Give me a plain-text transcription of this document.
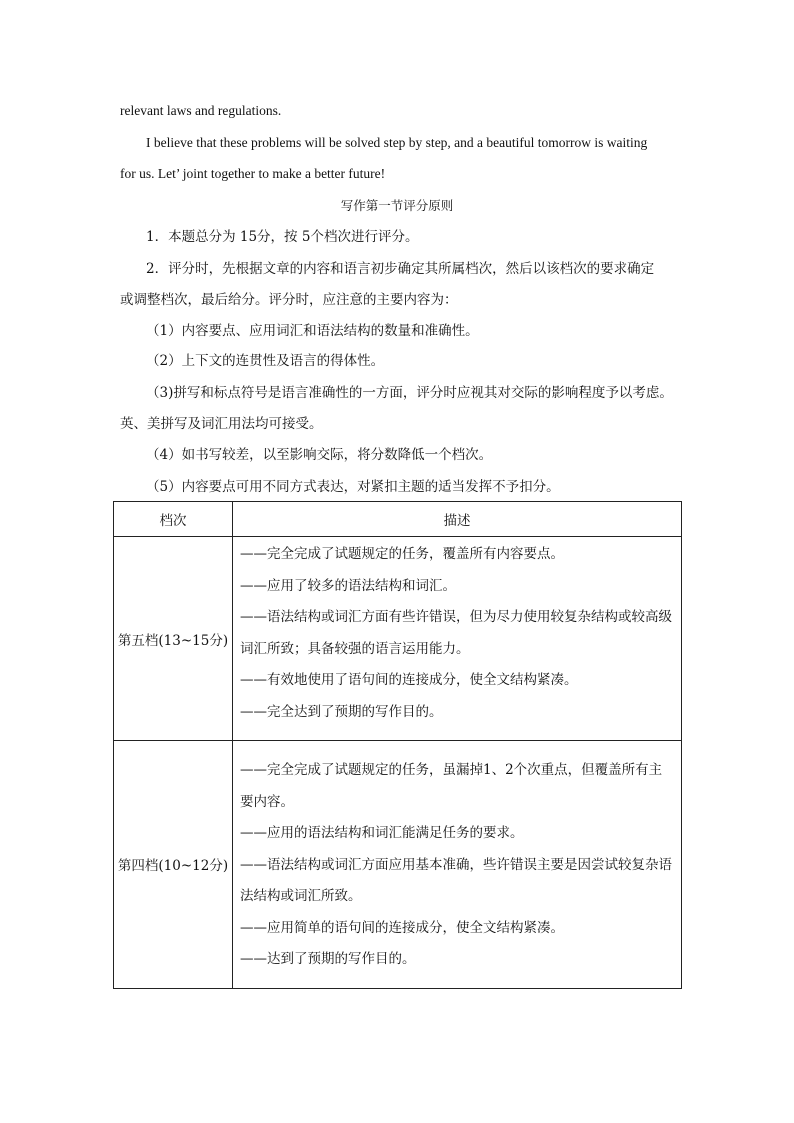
relevant laws and regulations.
I believe that these problems will be solved step by step, and a beautiful tomorrow is waiting
for us. Let’ joint together to make a better future!
写作第一节评分原则
1．本题总分为 15分，按 5个档次进行评分。
2．评分时，先根据文章的内容和语言初步确定其所属档次，然后以该档次的要求确定
或调整档次，最后给分。评分时，应注意的主要内容为：
（1）内容要点、应用词汇和语法结构的数量和准确性。
（2）上下文的连贯性及语言的得体性。
（3)拼写和标点符号是语言准确性的一方面，评分时应视其对交际的影响程度予以考虑。
英、美拼写及词汇用法均可接受。
（4）如书写较差，以至影响交际，将分数降低一个档次。
（5）内容要点可用不同方式表达，对紧扣主题的适当发挥不予扣分。
档次	描述
第五档(13~15分)	——完全完成了试题规定的任务，覆盖所有内容要点。
——应用了较多的语法结构和词汇。
——语法结构或词汇方面有些许错误，但为尽力使用较复杂结构或较高级词汇所致；具备较强的语言运用能力。
——有效地使用了语句间的连接成分，使全文结构紧凑。
——完全达到了预期的写作目的。

第四档(10~12分)	——完全完成了试题规定的任务，虽漏掉1、2个次重点，但覆盖所有主要内容。
——应用的语法结构和词汇能满足任务的要求。
——语法结构或词汇方面应用基本准确，些许错误主要是因尝试较复杂语法结构或词汇所致。
——应用简单的语句间的连接成分，使全文结构紧凑。
——达到了预期的写作目的。
